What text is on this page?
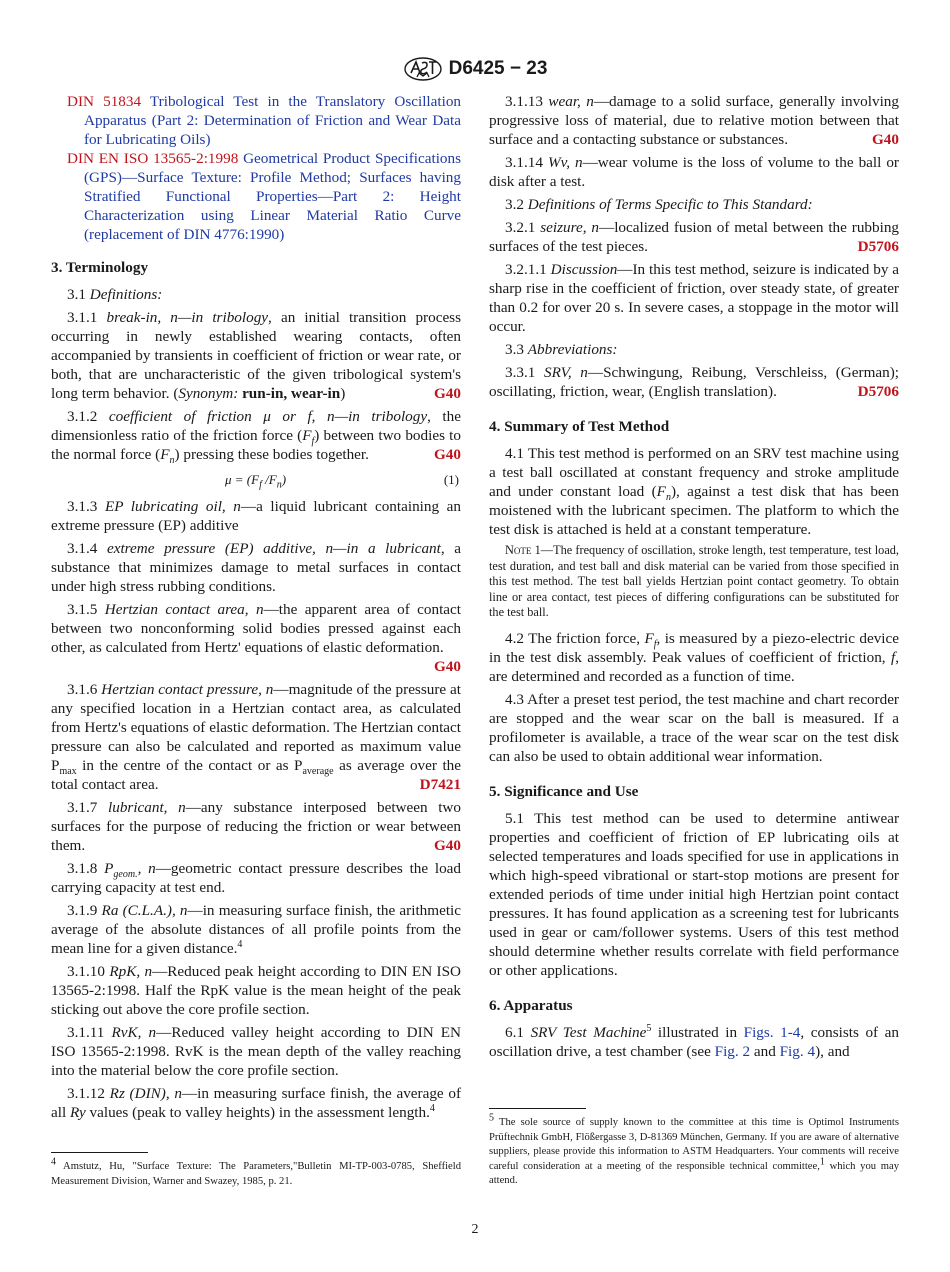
D6425 − 23
DIN 51834 Tribological Test in the Translatory Oscillation Apparatus (Part 2: Determination of Friction and Wear Data for Lubricating Oils)
DIN EN ISO 13565-2:1998 Geometrical Product Specifications (GPS)—Surface Texture: Profile Method; Surfaces having Stratified Functional Properties—Part 2: Height Characterization using Linear Material Ratio Curve (replacement of DIN 4776:1990)
3. Terminology

3.1 Definitions:

3.1.1 break-in, n—in tribology, an initial transition process occurring in newly established wearing contacts, often accompanied by transients in coefficient of friction or wear rate, or both, that are uncharacteristic of the given tribological system's long term behavior. (Synonym: run-in, wear-in)	G40

3.1.2 coefficient of friction μ or f, n—in tribology, the dimensionless ratio of the friction force $(F_f)$ between two bodies to the normal force $(F_n)$ pressing these bodies together.	G40

$\mu = (F_f$ $/F_n$)	(1)

3.1.3 EP lubricating oil, n—a liquid lubricant containing an extreme pressure (EP) additive

3.1.4 extreme pressure (EP) additive, n—in a lubricant, a substance that minimizes damage to metal surfaces in contact under high stress rubbing conditions.

3.1.5 Hertzian contact area, n—the apparent area of contact between two nonconforming solid bodies pressed against each other, as calculated from Hertz' equations of elastic deformation.
G40

3.1.6 Hertzian contact pressure, n—magnitude of the pressure at any specified location in a Hertzian contact area, as calculated from Hertz's equations of elastic deformation. The Hertzian contact pressure can also be calculated and reported as maximum value $P_{max}$ in the centre of the contact or as $P_{average}$ as average over the total contact area.	D7421

3.1.7 lubricant, n—any substance interposed between two surfaces for the purpose of reducing the friction or wear between them.	G40

3.1.8 $P_{geom.}$, n—geometric contact pressure describes the load carrying capacity at test end.

3.1.9 Ra (C.L.A.), n—in measuring surface finish, the arithmetic average of the absolute distances of all profile points from the mean line for a given distance.$^4$

3.1.10 RpK, n—Reduced peak height according to DIN EN ISO 13565-2:1998. Half the RpK value is the mean height of the peak sticking out above the core profile section.

3.1.11 RvK, n—Reduced valley height according to DIN EN ISO 13565-2:1998. RvK is the mean depth of the valley reaching into the material below the core profile section.

3.1.12 Rz (DIN), n—in measuring surface finish, the average of all Ry values (peak to valley heights) in the assessment length.$^4$

4 Amstutz, Hu, "Surface Texture: The Parameters,"Bulletin MI-TP-003-0785, Sheffield Measurement Division, Warner and Swazey, 1985, p. 21.

3.1.13 wear, n—damage to a solid surface, generally involving progressive loss of material, due to relative motion between that surface and a contacting substance or substances.	G40

3.1.14 Wv, n—wear volume is the loss of volume to the ball or disk after a test.

3.2 Definitions of Terms Specific to This Standard:

3.2.1 seizure, n—localized fusion of metal between the rubbing surfaces of the test pieces.	D5706

3.2.1.1 Discussion—In this test method, seizure is indicated by a sharp rise in the coefficient of friction, over steady state, of greater than 0.2 for over 20 s. In severe cases, a stoppage in the motor will occur.

3.3 Abbreviations:

3.3.1 SRV, n—Schwingung, Reibung, Verschleiss, (German); oscillating, friction, wear, (English translation).	D5706

4. Summary of Test Method

4.1 This test method is performed on an SRV test machine using a test ball oscillated at constant frequency and stroke amplitude and under constant load $(F_n)$, against a test disk that has been moistened with the lubricant specimen. The platform to which the test disk is attached is held at a constant temperature.

Note 1—The frequency of oscillation, stroke length, test temperature, test load, test duration, and test ball and disk material can be varied from those specified in this test method. The test ball yields Hertzian point contact geometry. To obtain line or area contact, test pieces of differing configurations can be substituted for the test ball.

4.2 The friction force, $F_f$, is measured by a piezo-electric device in the test disk assembly. Peak values of coefficient of friction, f, are determined and recorded as a function of time.

4.3 After a preset test period, the test machine and chart recorder are stopped and the wear scar on the ball is measured. If a profilometer is available, a trace of the wear scar on the test disk can also be used to obtain additional wear information.

5. Significance and Use

5.1 This test method can be used to determine antiwear properties and coefficient of friction of EP lubricating oils at selected temperatures and loads specified for use in applications in which high-speed vibrational or start-stop motions are present for extended periods of time under initial high Hertzian point contact pressures. It has found application as a screening test for lubricants used in gear or cam/follower systems. Users of this test method should determine whether results correlate with field performance or other applications.

6. Apparatus

6.1 SRV Test Machine$^5$ illustrated in Figs. 1-4, consists of an oscillation drive, a test chamber (see Fig. 2 and Fig. 4), and

5 The sole source of supply known to the committee at this time is Optimol Instruments Prüftechnik GmbH, Flößergasse 3, D-81369 München, Germany. If you are aware of alternative suppliers, please provide this information to ASTM Headquarters. Your comments will receive careful consideration at a meeting of the responsible technical committee,1 which you may attend.
2
